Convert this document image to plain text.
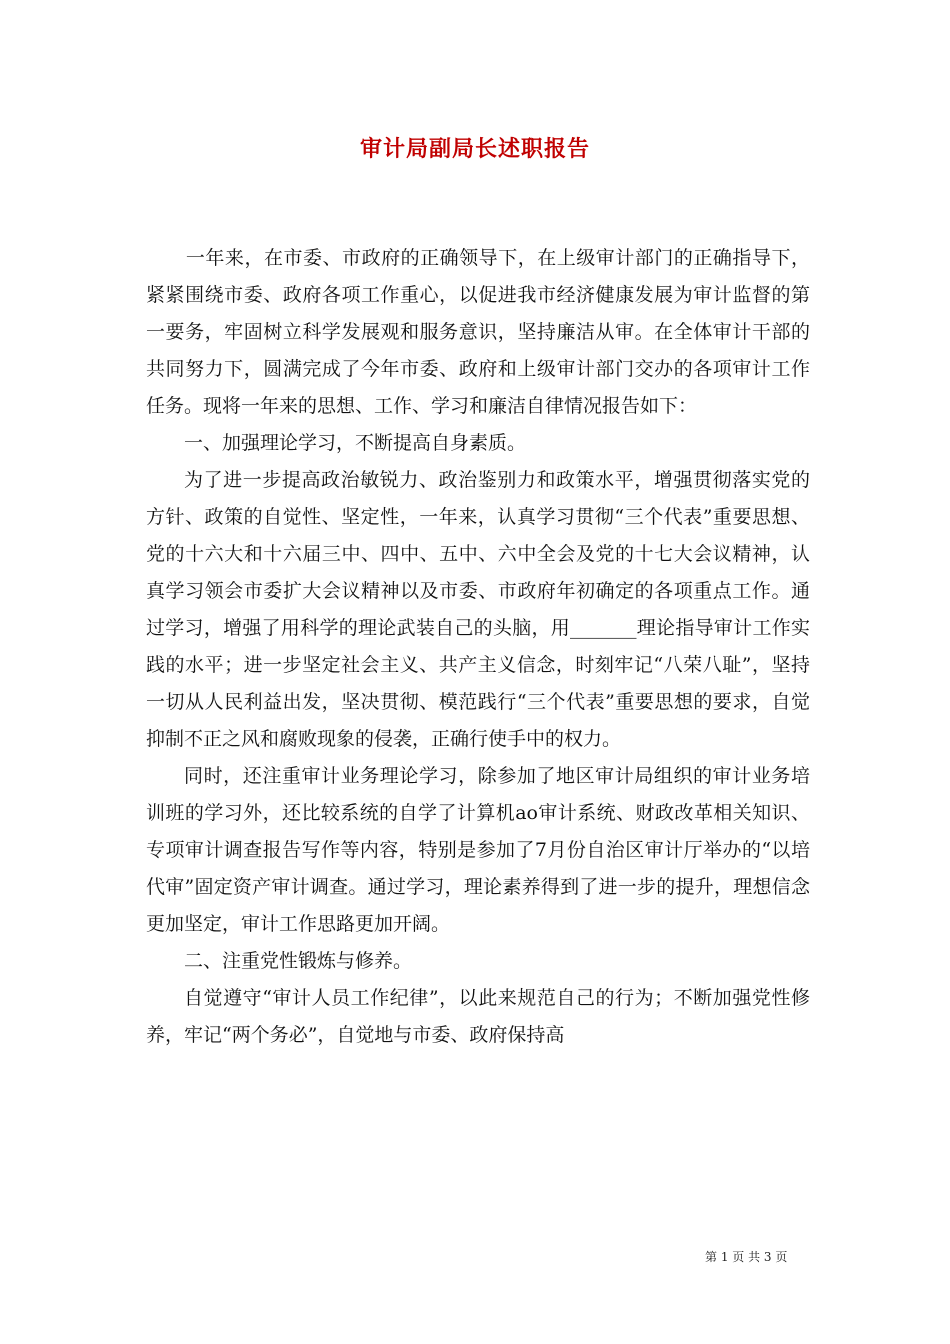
审计局副局长述职报告

一年来，在市委、市政府的正确领导下，在上级审计部门的正确指导下，紧紧围绕市委、政府各项工作重心，以促进我市经济健康发展为审计监督的第一要务，牢固树立科学发展观和服务意识，坚持廉洁从审。在全体审计干部的共同努力下，圆满完成了今年市委、政府和上级审计部门交办的各项审计工作任务。现将一年来的思想、工作、学习和廉洁自律情况报告如下：

一、加强理论学习，不断提高自身素质。

为了进一步提高政治敏锐力、政治鉴别力和政策水平，增强贯彻落实党的方针、政策的自觉性、坚定性，一年来，认真学习贯彻“三个代表”重要思想、党的十六大和十六届三中、四中、五中、六中全会及党的十七大会议精神，认真学习领会市委扩大会议精神以及市委、市政府年初确定的各项重点工作。通过学习，增强了用科学的理论武装自己的头脑，用_______理论指导审计工作实践的水平；进一步坚定社会主义、共产主义信念，时刻牢记“八荣八耻”，坚持一切从人民利益出发，坚决贯彻、模范践行“三个代表”重要思想的要求，自觉抑制不正之风和腐败现象的侵袭，正确行使手中的权力。

同时，还注重审计业务理论学习，除参加了地区审计局组织的审计业务培训班的学习外，还比较系统的自学了计算机ao审计系统、财政改革相关知识、专项审计调查报告写作等内容，特别是参加了7月份自治区审计厅举办的“以培代审”固定资产审计调查。通过学习，理论素养得到了进一步的提升，理想信念更加坚定，审计工作思路更加开阔。

二、注重党性锻炼与修养。

自觉遵守“审计人员工作纪律”，以此来规范自己的行为；不断加强党性修养，牢记“两个务必”，自觉地与市委、政府保持高

第 1 页 共 3 页
